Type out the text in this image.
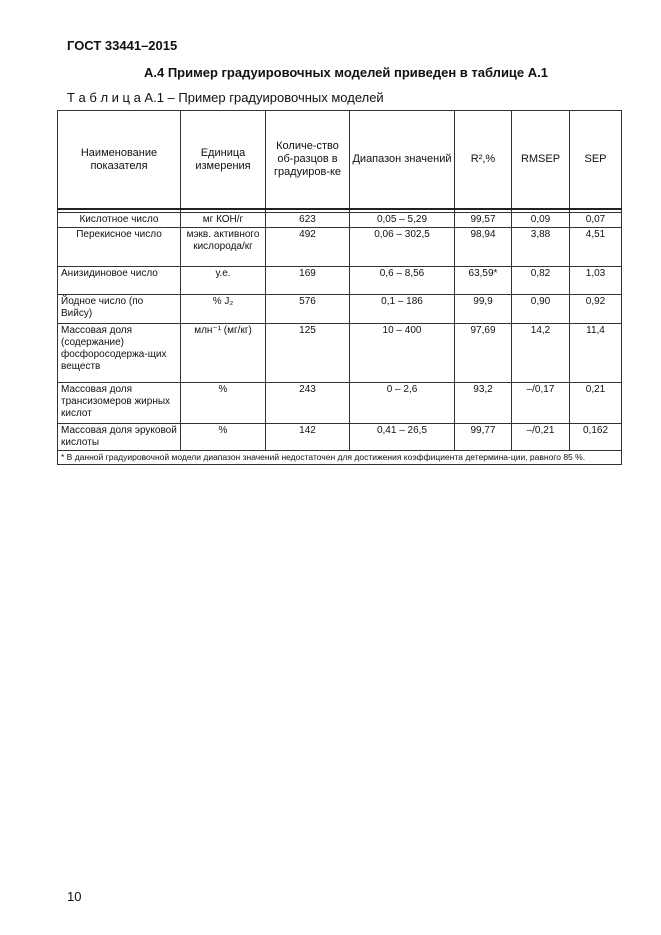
ГОСТ 33441–2015
А.4 Пример градуировочных моделей приведен в таблице А.1
Т а б л и ц а А.1 – Пример градуировочных моделей
Наименование показателя	Единица измерения	Количе-ство об-разцов в градуиров-ке	Диапазон значений	R²,%	RMSEP	SEP

Кислотное число	мг КОН/г	623	0,05 – 5,29	99,57	0,09	0,07
Перекисное число	мэкв. активного кислорода/кг	492	0,06 – 302,5	98,94	3,88	4,51
Анизидиновое число	у.е.	169	0,6 – 8,56	63,59*	0,82	1,03
Йодное число (по Вийсу)	% J₂	576	0,1 – 186	99,9	0,90	0,92
Массовая доля (содержание) фосфоросодержа-щих веществ	млн⁻¹ (мг/кг)	125	10 – 400	97,69	14,2	11,4
Массовая доля трансизомеров жирных кислот	%	243	0 – 2,6	93,2	–/0,17	0,21
Массовая доля эруковой кислоты	%	142	0,41 – 26,5	99,77	–/0,21	0,162
* В данной градуировочной модели диапазон значений недостаточен для достижения коэффициента детермина-ции, равного 85 %.						
10
